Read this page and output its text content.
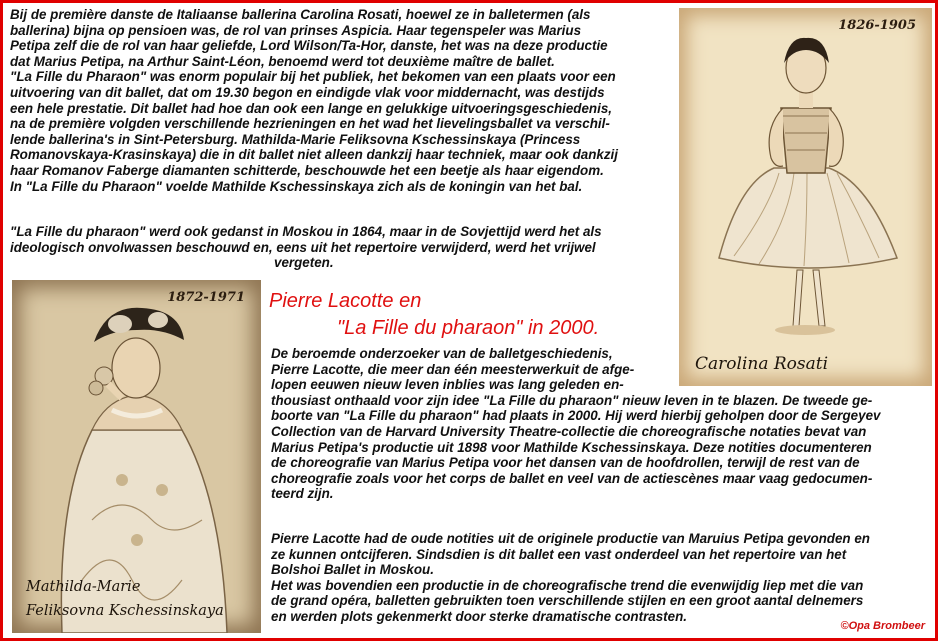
Bij de première danste de Italiaanse ballerina Carolina Rosati, hoewel ze in balletermen (als
ballerina) bijna op pensioen was, de rol van prinses Aspicia. Haar tegenspeler was Marius
Petipa zelf die de rol van haar geliefde, Lord Wilson/Ta-Hor, danste, het was na deze productie
dat Marius Petipa, na Arthur Saint-Léon, benoemd werd tot deuxième maître de ballet.
"La Fille du Pharaon" was enorm populair bij het publiek, het bekomen van een plaats voor een
uitvoering van dit ballet, dat om 19.30 begon en eindigde vlak voor middernacht, was destijds
een hele prestatie. Dit ballet had hoe dan ook een lange en gelukkige uitvoeringsgeschiedenis,
na de première volgden verschillende hezrieningen en het wad het lievelingsballet va verschil-
lende ballerina's in Sint-Petersburg. Mathilda-Marie Feliksovna Kschessinskaya (Princess
Romanovskaya-Krasinskaya) die in dit ballet niet alleen dankzij haar techniek, maar ook dankzij
haar Romanov Faberge diamanten schitterde, beschouwde het een beetje als haar eigendom.
In "La Fille du Pharaon" voelde Mathilde Kschessinskaya zich als de koningin van het bal.
"La Fille du pharaon" werd ook gedanst in Moskou in 1864, maar in de Sovjettijd werd het als
ideologisch onvolwassen beschouwd en, eens uit het repertoire verwijderd, werd het vrijwel
vergeten.
Pierre Lacotte en
"La Fille du pharaon" in 2000.
De beroemde onderzoeker van de balletgeschiedenis,
Pierre Lacotte, die meer dan één meesterwerkuit de afge-
lopen eeuwen nieuw leven inblies was lang geleden en-
thousiast onthaald voor zijn idee "La Fille du pharaon" nieuw leven in te blazen. De tweede ge-
boorte van "La Fille du pharaon" had plaats in 2000. Hij werd hierbij geholpen door de Sergeyev
Collection van de Harvard University Theatre-collectie die choreografische notaties bevat van
Marius Petipa's productie uit 1898 voor Mathilde Kschessinskaya. Deze notities documenteren
de choreografie van Marius Petipa voor het dansen van de hoofdrollen, terwijl de rest van de
choreografie zoals voor het corps de ballet en veel van de actiescènes maar vaag gedocumen-
teerd zijn.
Pierre Lacotte had de oude notities uit de originele productie van Maruius Petipa gevonden en
ze kunnen ontcijferen. Sindsdien is dit ballet een vast onderdeel van het repertoire van het
Bolshoi Ballet in Moskou.
Het was bovendien een productie in de choreografische trend die evenwijdig liep met die van
de grand opéra, balletten gebruikten toen verschillende stijlen en een groot aantal delnemers
en werden plots gekenmerkt door sterke dramatische contrasten.
1826-1905
Carolina Rosati
1872-1971
Mathilda-Marie
Feliksovna Kschessinskaya
©Opa Brombeer
